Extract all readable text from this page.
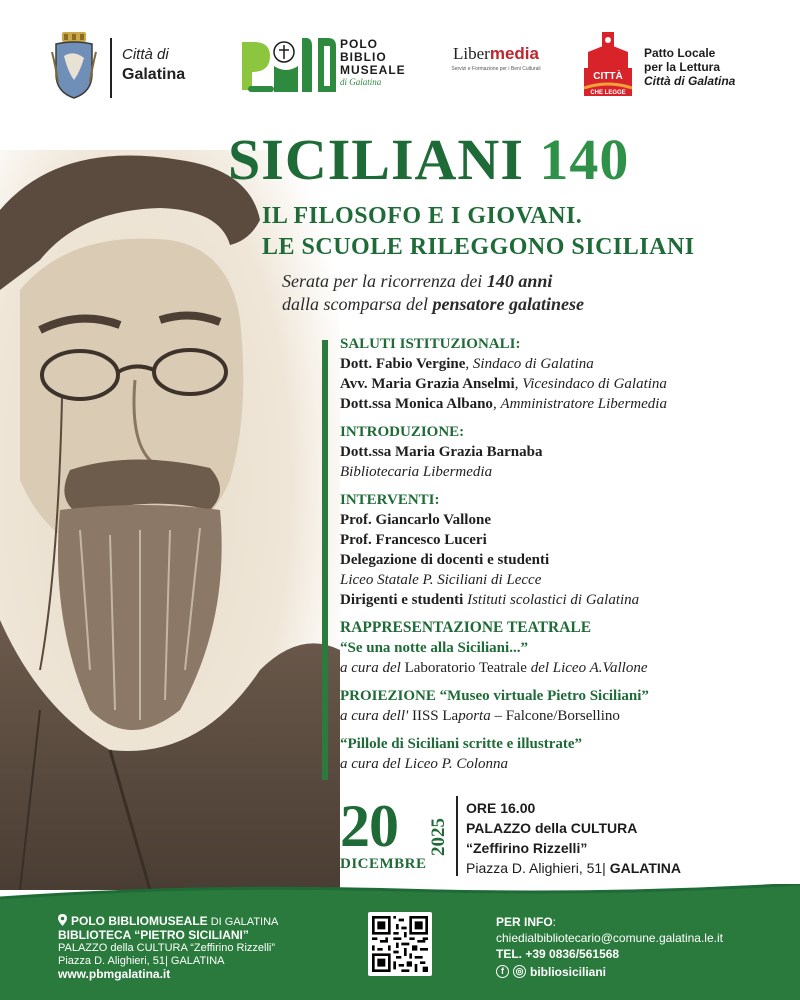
Città di
Galatina
POLO
BIBLIO
MUSEALE
di Galatina
Libermedia
Servizi e Formazione per i Beni Culturali
CITTÀ
CHE LEGGE
Patto Locale
per la Lettura
Città di Galatina
SICILIANI 140
IL FILOSOFO E I GIOVANI.
LE SCUOLE RILEGGONO SICILIANI
Serata per la ricorrenza dei 140 anni
dalla scomparsa del pensatore galatinese
SALUTI ISTITUZIONALI:
Dott. Fabio Vergine, Sindaco di Galatina
Avv. Maria Grazia Anselmi, Vicesindaco di Galatina
Dott.ssa Monica Albano, Amministratore Libermedia
INTRODUZIONE:
Dott.ssa Maria Grazia Barnaba
Bibliotecaria Libermedia
INTERVENTI:
Prof. Giancarlo Vallone
Prof. Francesco Luceri
Delegazione di docenti e studenti
Liceo Statale P. Siciliani di Lecce
Dirigenti e studenti Istituti scolastici di Galatina
RAPPRESENTAZIONE TEATRALE
“Se una notte alla Siciliani...”
a cura del Laboratorio Teatrale del Liceo A.Vallone
PROIEZIONE “Museo virtuale Pietro Siciliani”
a cura dell' IISS Laporta – Falcone/Borsellino
“Pillole di Siciliani scritte e illustrate”
a cura del Liceo P. Colonna
20 2025
DICEMBRE
ORE 16.00
PALAZZO della CULTURA
“Zeffirino Rizzelli”
Piazza D. Alighieri, 51| GALATINA
POLO BIBLIOMUSEALE DI GALATINA
BIBLIOTECA “PIETRO SICILIANI”
PALAZZO della CULTURA “Zeffirino Rizzelli”
Piazza D. Alighieri, 51| GALATINA
www.pbmgalatina.it
PER INFO:
chiedialbibliotecario@comune.galatina.le.it
TEL. +39 0836/561568
f	◎ bibliosiciliani
